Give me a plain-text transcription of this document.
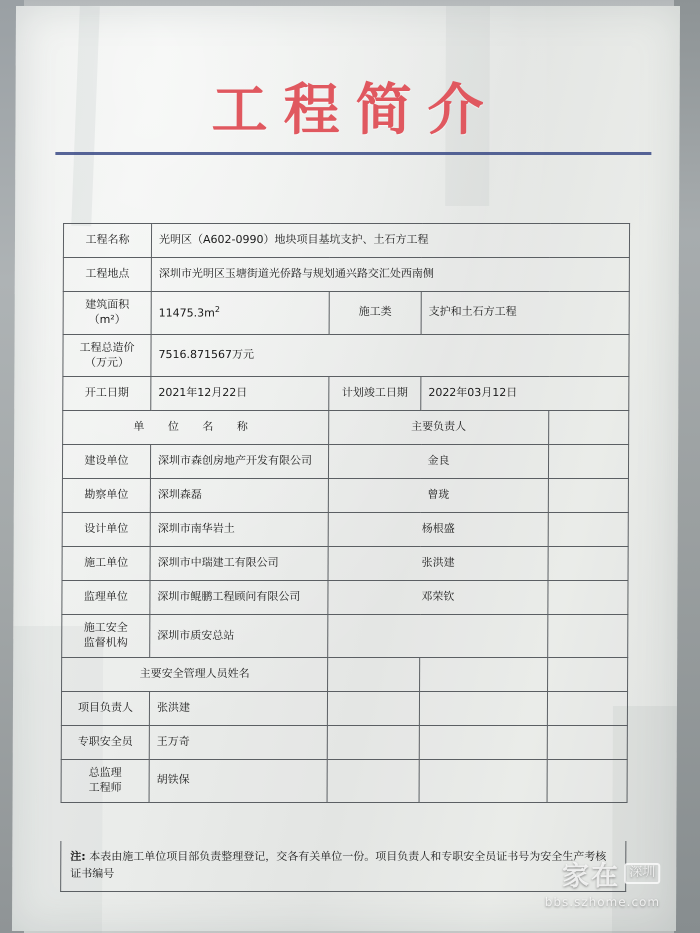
工程简介
工程名称	光明区（A602-0990）地块项目基坑支护、土石方工程			
工程地点	深圳市光明区玉塘街道光侨路与规划通兴路交汇处西南侧			

建筑面积
（m²）	$11475.3m^2$	施工类	支护和土石方工程	

工程总造价
（万元）	7516.871567万元			
开工日期	2021年12月22日	计划竣工日期	2022年03月12日	
单 位 名 称		主要负责人		
建设单位	深圳市森创房地产开发有限公司	金良		
勘察单位	深圳森磊	曾珑		
设计单位	深圳市南华岩土	杨根盛		
施工单位	深圳市中瑞建工有限公司	张洪建		
监理单位	深圳市鲲鹏工程顾问有限公司	邓荣钦		

施工安全
监督机构	深圳市质安总站			
主要安全管理人员姓名				
项目负责人	张洪建			
专职安全员	王万奇			

总监理
工程师	胡铁保			
注: 本表由施工单位项目部负责整理登记，交各有关单位一份。项目负责人和专职安全员证书号为安全生产考核证书编号	家在 深圳
bbs.szhome.com
